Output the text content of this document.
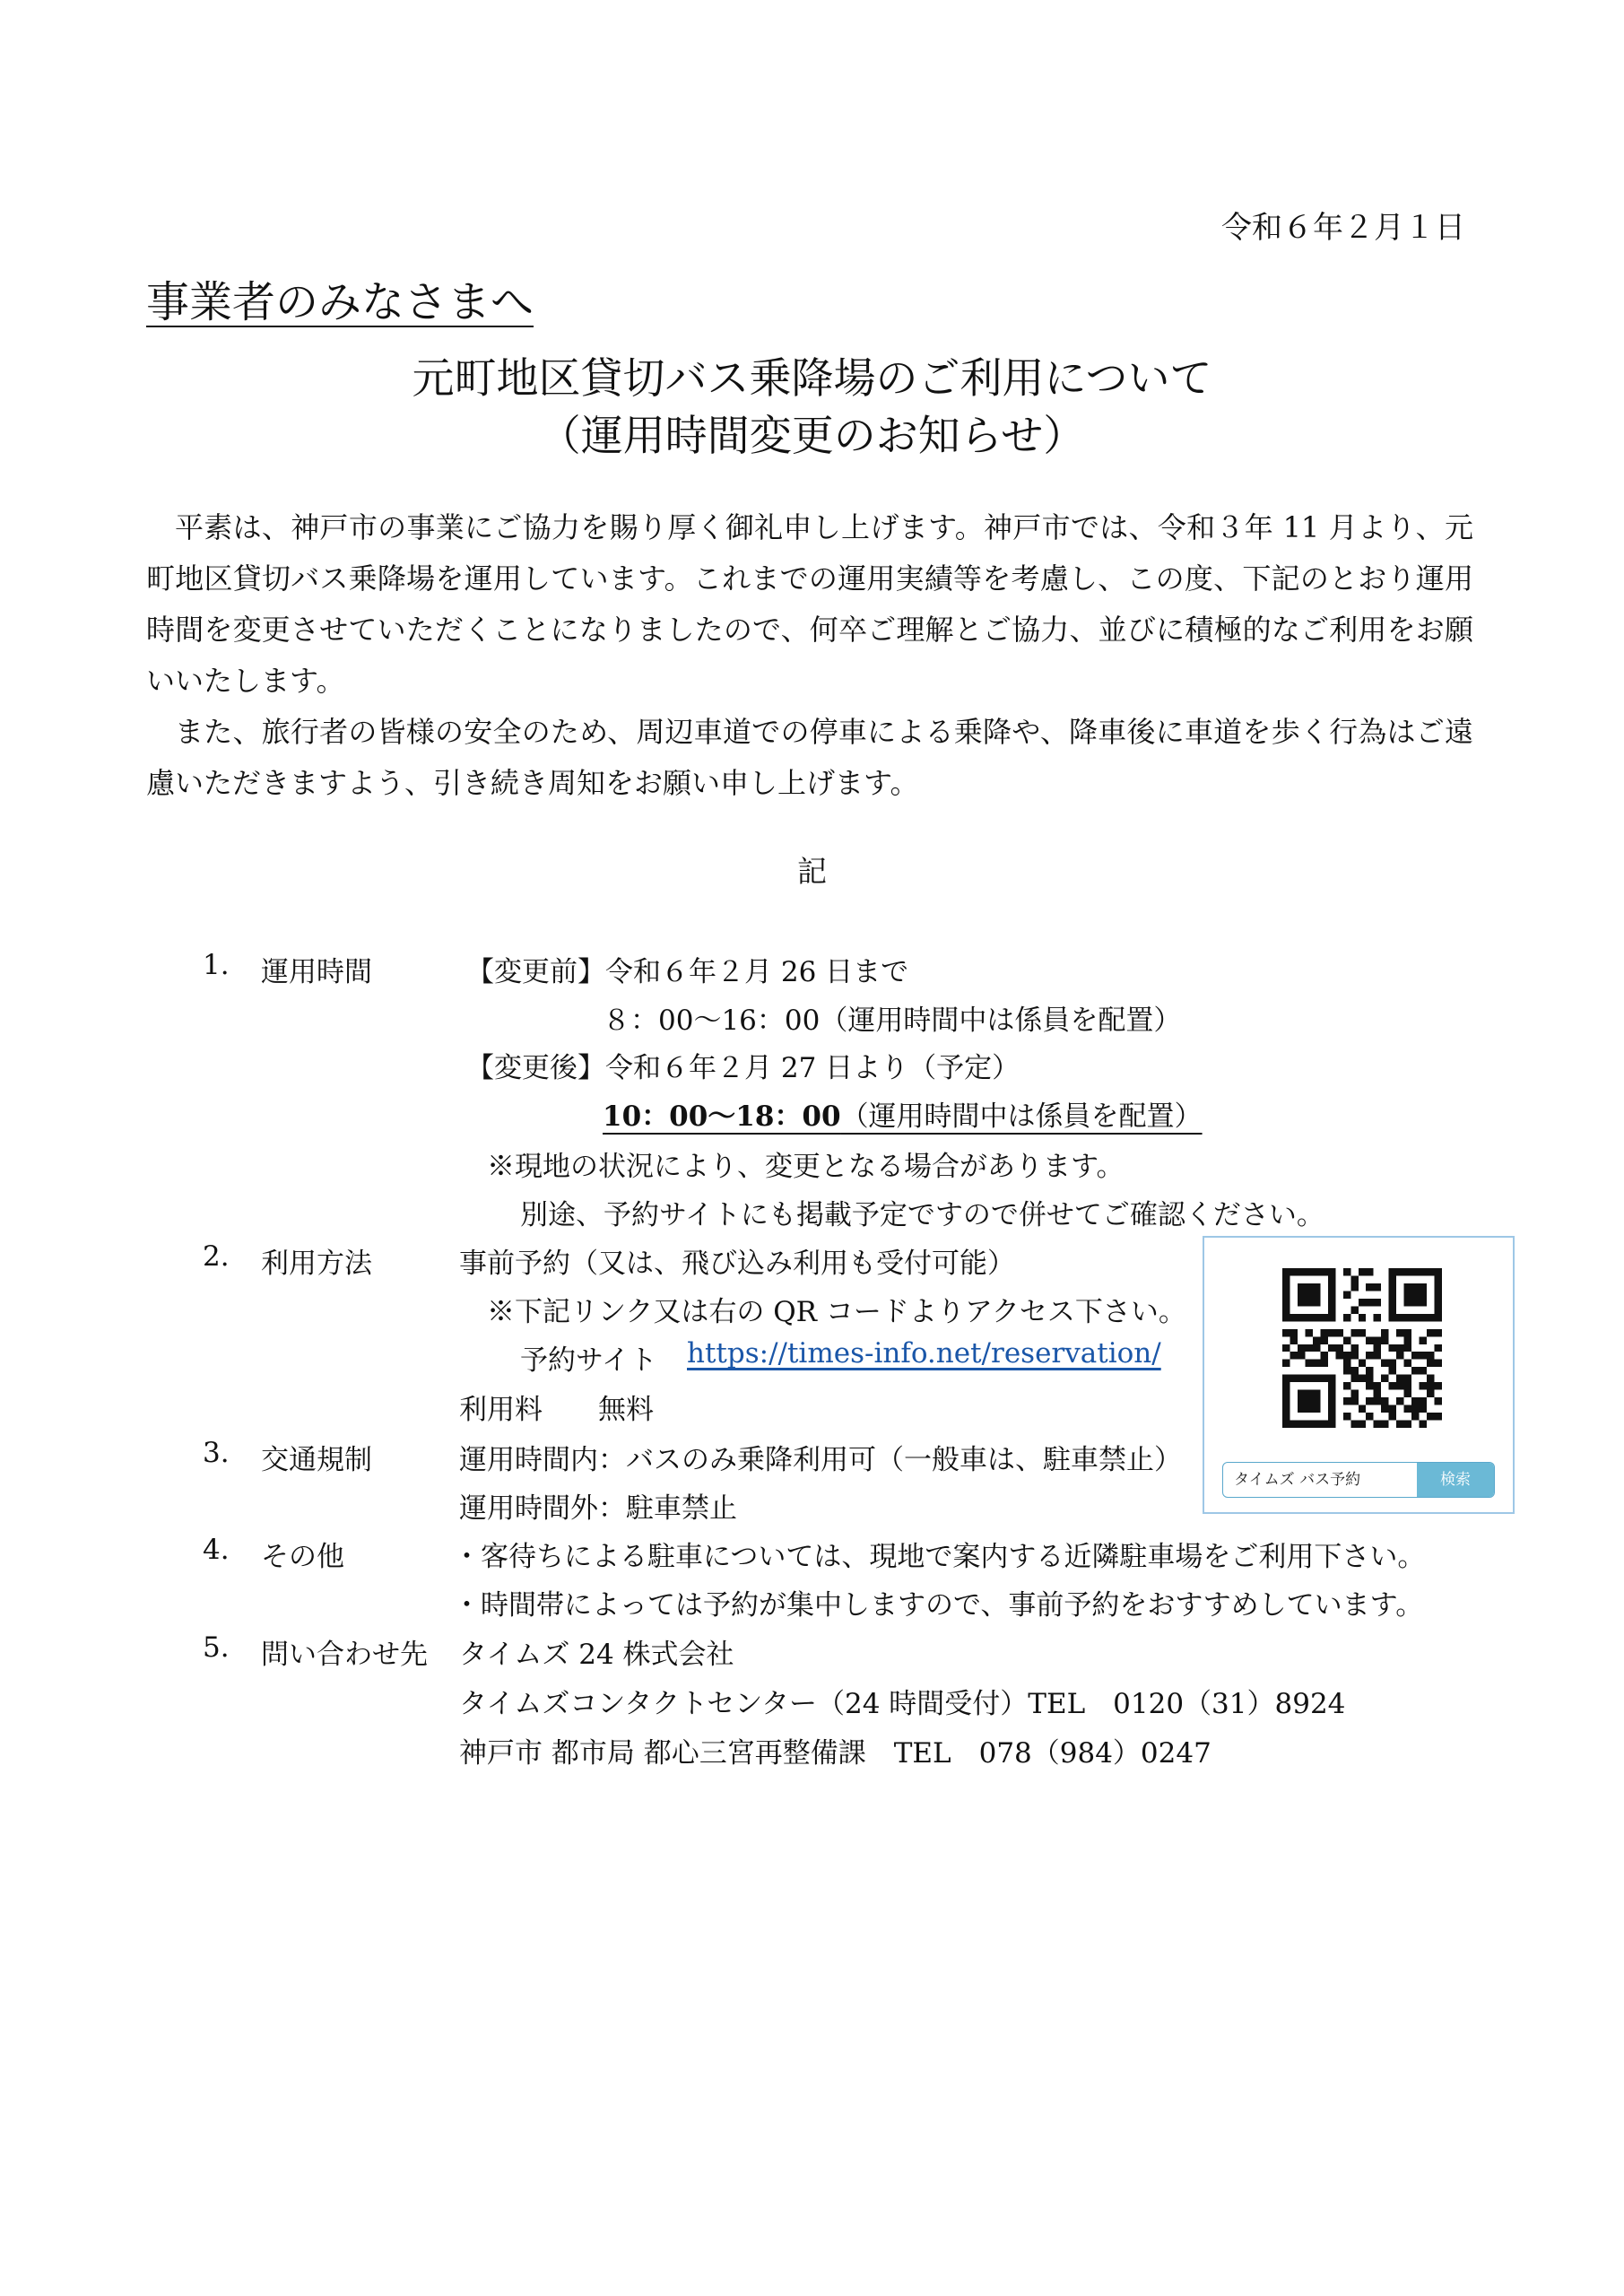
令和６年２月１日
事業者のみなさまへ
元町地区貸切バス乗降場のご利用について
（運用時間変更のお知らせ）

平素は、神戸市の事業にご協力を賜り厚く御礼申し上げます。神戸市では、令和３年 11 月より、元町地区貸切バス乗降場を運用しています。これまでの運用実績等を考慮し、この度、下記のとおり運用時間を変更させていただくことになりましたので、何卒ご理解とご協力、並びに積極的なご利用をお願いいたします。

また、旅行者の皆様の安全のため、周辺車道での停車による乗降や、降車後に車道を歩く行為はご遠慮いただきますよう、引き続き周知をお願い申し上げます。

記
1. 運用時間	【変更前】 令和６年２月 26 日まで
８：00～16：00（運用時間中は係員を配置）
【変更後】 令和６年２月 27 日より（予定）
10：00～18：00（運用時間中は係員を配置）
※現地の状況により、変更となる場合があります。
別途、予約サイトにも掲載予定ですので併せてご確認ください。
2. 利用方法	事前予約（又は、飛び込み利用も受付可能）
※下記リンク又は右の QR コードよりアクセス下さい。
予約サイト https://times-info.net/reservation/
利用料　　無料
3. 交通規制	運用時間内：バスのみ乗降利用可（一般車は、駐車禁止）
運用時間外：駐車禁止
4. その他	・客待ちによる駐車については、現地で案内する近隣駐車場をご利用下さい。
・時間帯によっては予約が集中しますので、事前予約をおすすめしています。
5. 問い合わせ先 タイムズ 24 株式会社
タイムズコンタクトセンター（24 時間受付）TEL　0120（31）8924
神戸市 都市局 都心三宮再整備課　TEL　078（984）0247
タイムズ バス予約	検索
